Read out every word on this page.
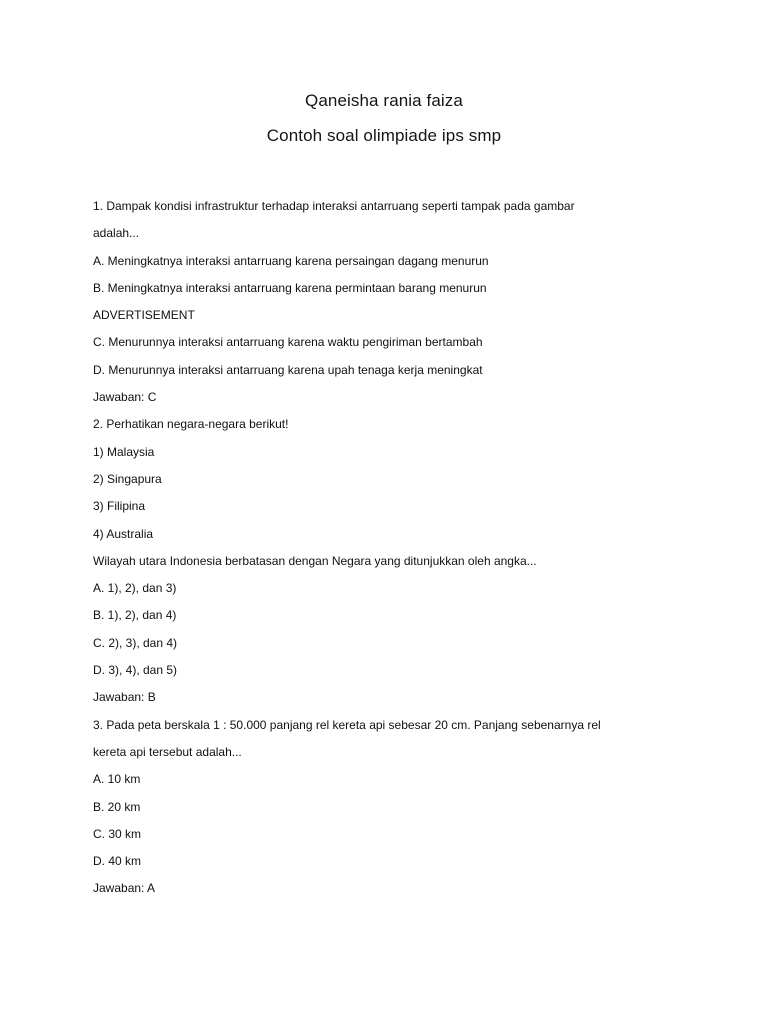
Qaneisha rania faiza
Contoh soal olimpiade ips smp
1. Dampak kondisi infrastruktur terhadap interaksi antarruang seperti tampak pada gambar
adalah...
A. Meningkatnya interaksi antarruang karena persaingan dagang menurun
B. Meningkatnya interaksi antarruang karena permintaan barang menurun
ADVERTISEMENT
C. Menurunnya interaksi antarruang karena waktu pengiriman bertambah
D. Menurunnya interaksi antarruang karena upah tenaga kerja meningkat
Jawaban: C
2. Perhatikan negara-negara berikut!
1) Malaysia
2) Singapura
3) Filipina
4) Australia
Wilayah utara Indonesia berbatasan dengan Negara yang ditunjukkan oleh angka...
A. 1), 2), dan 3)
B. 1), 2), dan 4)
C. 2), 3), dan 4)
D. 3), 4), dan 5)
Jawaban: B
3. Pada peta berskala 1 : 50.000 panjang rel kereta api sebesar 20 cm. Panjang sebenarnya rel
kereta api tersebut adalah...
A. 10 km
B. 20 km
C. 30 km
D. 40 km
Jawaban: A
